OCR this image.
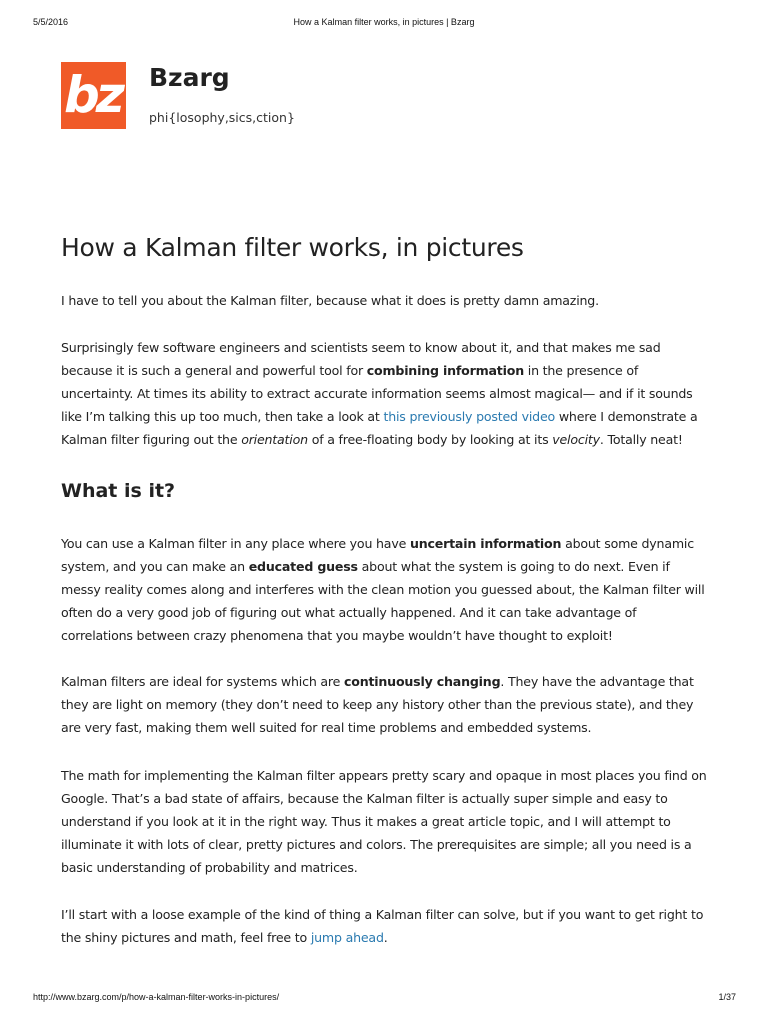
5/5/2016	How a Kalman filter works, in pictures | Bzarg
bz Bzarg
phi{losophy,sics,ction}
How a Kalman filter works, in pictures

I have to tell you about the Kalman filter, because what it does is pretty damn amazing.

Surprisingly few software engineers and scientists seem to know about it, and that makes me sad because it is such a general and powerful tool for combining information in the presence of uncertainty. At times its ability to extract accurate information seems almost magical— and if it sounds like I’m talking this up too much, then take a look at this previously posted video where I demonstrate a Kalman filter figuring out the orientation of a free-floating body by looking at its velocity. Totally neat!

What is it?

You can use a Kalman filter in any place where you have uncertain information about some dynamic system, and you can make an educated guess about what the system is going to do next. Even if messy reality comes along and interferes with the clean motion you guessed about, the Kalman filter will often do a very good job of figuring out what actually happened. And it can take advantage of correlations between crazy phenomena that you maybe wouldn’t have thought to exploit!

Kalman filters are ideal for systems which are continuously changing. They have the advantage that they are light on memory (they don’t need to keep any history other than the previous state), and they are very fast, making them well suited for real time problems and embedded systems.

The math for implementing the Kalman filter appears pretty scary and opaque in most places you find on Google. That’s a bad state of affairs, because the Kalman filter is actually super simple and easy to understand if you look at it in the right way. Thus it makes a great article topic, and I will attempt to illuminate it with lots of clear, pretty pictures and colors. The prerequisites are simple; all you need is a basic understanding of probability and matrices.

I’ll start with a loose example of the kind of thing a Kalman filter can solve, but if you want to get right to the shiny pictures and math, feel free to jump ahead.

http://www.bzarg.com/p/how-a-kalman-filter-works-in-pictures/	1/37
